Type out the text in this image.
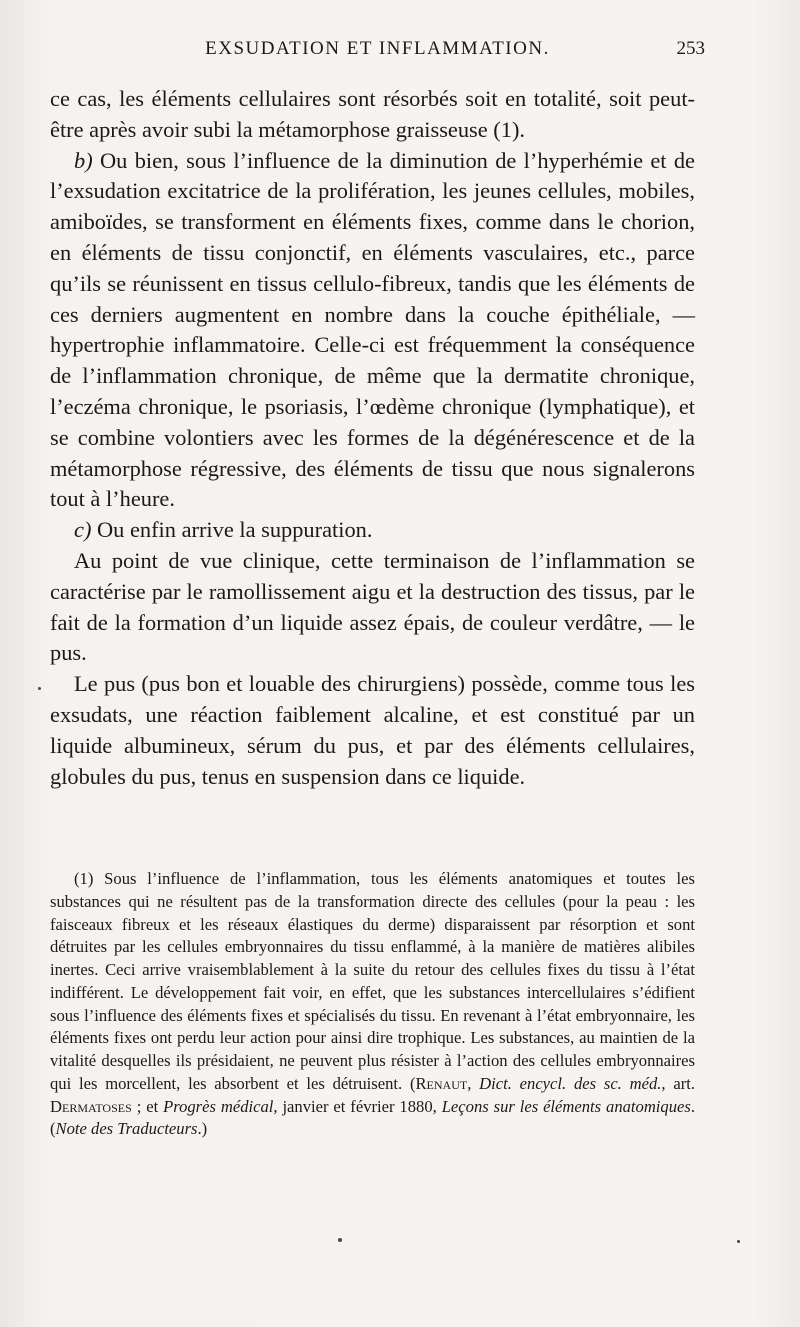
EXSUDATION ET INFLAMMATION.	253

ce cas, les éléments cellulaires sont résorbés soit en totalité, soit peut-être après avoir subi la métamorphose graisseuse (1).

b) Ou bien, sous l’influence de la diminution de l’hyperhémie et de l’exsudation excitatrice de la prolifération, les jeunes cellules, mobiles, amiboïdes, se transforment en éléments fixes, comme dans le chorion, en éléments de tissu conjonctif, en éléments vasculaires, etc., parce qu’ils se réunissent en tissus cellulo-fibreux, tandis que les éléments de ces derniers augmentent en nombre dans la couche épithéliale, — hypertrophie inflammatoire. Celle-ci est fréquemment la conséquence de l’inflammation chronique, de même que la dermatite chronique, l’eczéma chronique, le psoriasis, l’œdème chronique (lymphatique), et se combine volontiers avec les formes de la dégénérescence et de la métamorphose régressive, des éléments de tissu que nous signalerons tout à l’heure.

c) Ou enfin arrive la suppuration.

Au point de vue clinique, cette terminaison de l’inflammation se caractérise par le ramollissement aigu et la destruction des tissus, par le fait de la formation d’un liquide assez épais, de couleur verdâtre, — le pus.

Le pus (pus bon et louable des chirurgiens) possède, comme tous les exsudats, une réaction faiblement alcaline, et est constitué par un liquide albumineux, sérum du pus, et par des éléments cellulaires, globules du pus, tenus en suspension dans ce liquide.

(1) Sous l’influence de l’inflammation, tous les éléments anatomiques et toutes les substances qui ne résultent pas de la transformation directe des cellules (pour la peau : les faisceaux fibreux et les réseaux élastiques du derme) disparaissent par résorption et sont détruites par les cellules embryonnaires du tissu enflammé, à la manière de matières alibiles inertes. Ceci arrive vraisemblablement à la suite du retour des cellules fixes du tissu à l’état indifférent. Le développement fait voir, en effet, que les substances intercellulaires s’édifient sous l’influence des éléments fixes et spécialisés du tissu. En revenant à l’état embryonnaire, les éléments fixes ont perdu leur action pour ainsi dire trophique. Les substances, au maintien de la vitalité desquelles ils présidaient, ne peuvent plus résister à l’action des cellules embryonnaires qui les morcellent, les absorbent et les détruisent. (Renaut, Dict. encycl. des sc. méd., art. Dermatoses ; et Progrès médical, janvier et février 1880, Leçons sur les éléments anatomiques. (Note des Traducteurs.)
